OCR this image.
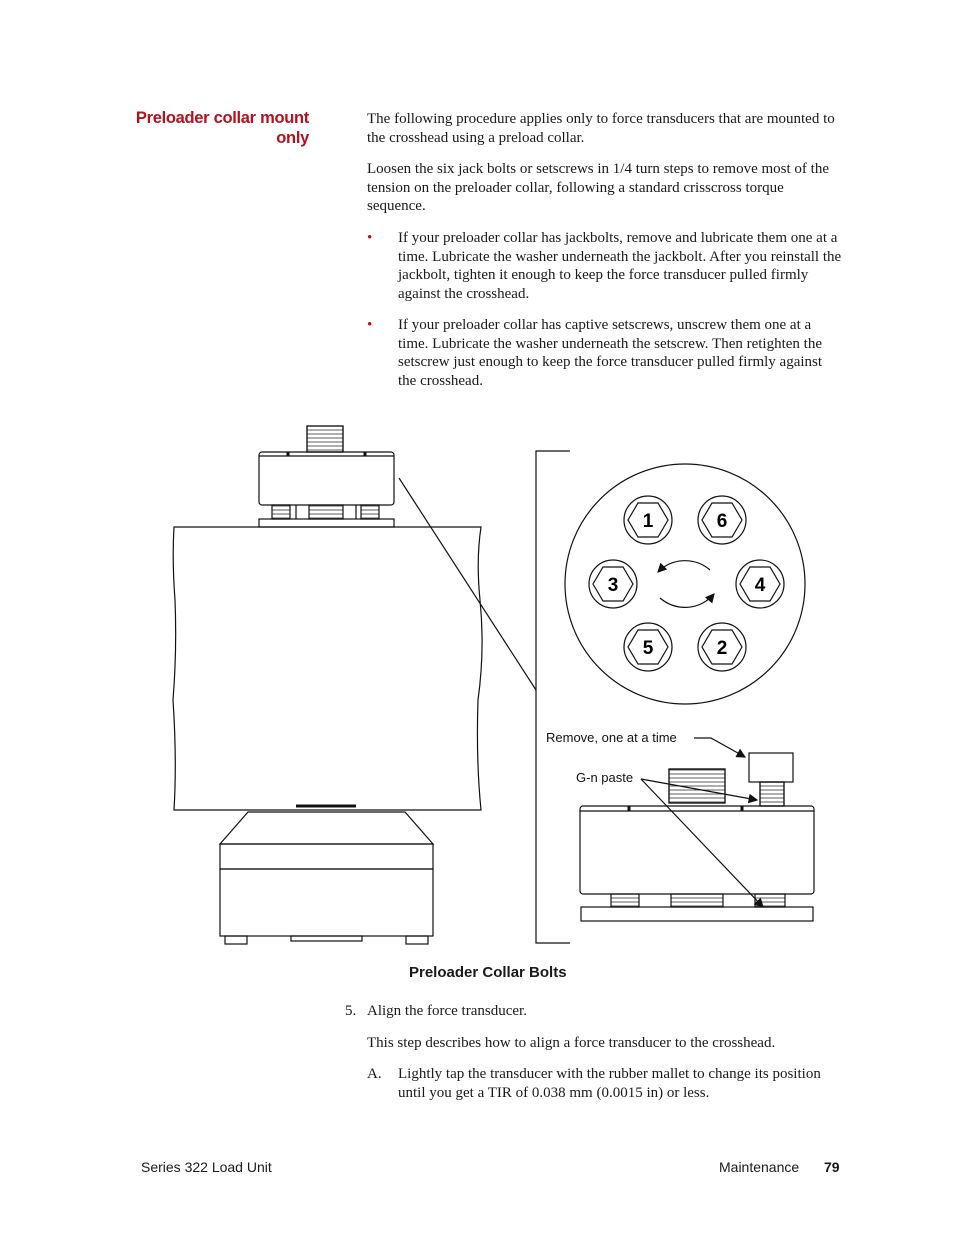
Preloader collar mount
only

The following procedure applies only to force transducers that are mounted to the crosshead using a preload collar.

Loosen the six jack bolts or setscrews in 1/4 turn steps to remove most of the tension on the preloader collar, following a standard crisscross torque sequence.

• If your preloader collar has jackbolts, remove and lubricate them one at a time. Lubricate the washer underneath the jackbolt. After you reinstall the jackbolt, tighten it enough to keep the force transducer pulled firmly against the crosshead.
• If your preloader collar has captive setscrews, unscrew them one at a time. Lubricate the washer underneath the setscrew. Then retighten the setscrew just enough to keep the force transducer pulled firmly against the crosshead.
1	6
3	4
5	2
Remove, one at a time
G-n paste
Preloader Collar Bolts
5. Align the force transducer.

This step describes how to align a force transducer to the crosshead.

A. Lightly tap the transducer with the rubber mallet to change its position until you get a TIR of 0.038 mm (0.0015 in) or less.
Series 322 Load Unit	Maintenance 79
